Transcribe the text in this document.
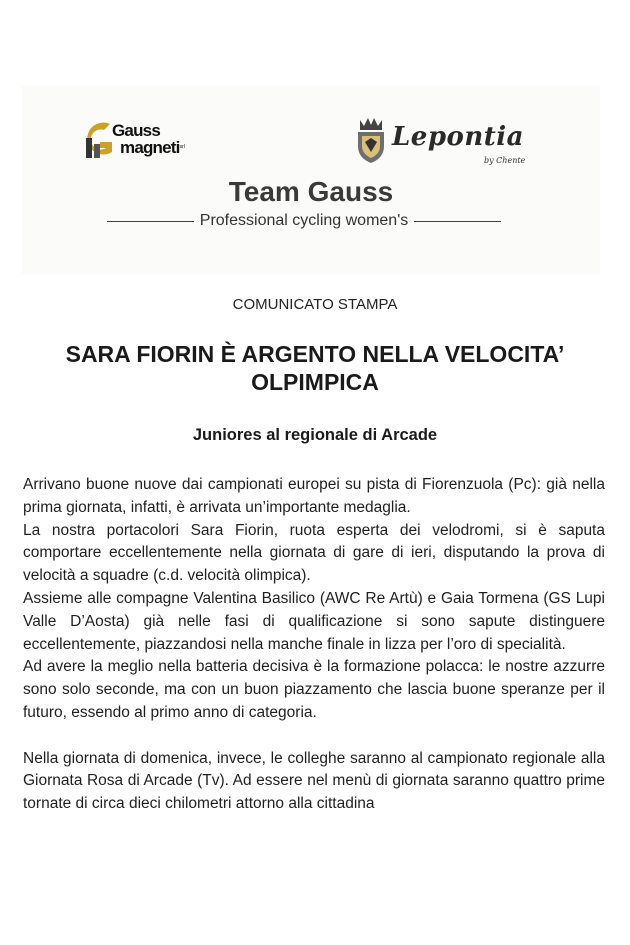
Gauss
magnetisrl	Lepontia
by Chente
Team Gauss
Professional cycling women's
COMUNICATO STAMPA
SARA FIORIN È ARGENTO NELLA VELOCITA’
OLPIMPICA
Juniores al regionale di Arcade

Arrivano buone nuove dai campionati europei su pista di Fiorenzuola (Pc): già nella prima giornata, infatti, è arrivata un’importante medaglia.

La nostra portacolori Sara Fiorin, ruota esperta dei velodromi, si è saputa comportare eccellentemente nella giornata di gare di ieri, disputando la prova di velocità a squadre (c.d. velocità olimpica).

Assieme alle compagne Valentina Basilico (AWC Re Artù) e Gaia Tormena (GS Lupi Valle D’Aosta) già nelle fasi di qualificazione si sono sapute distinguere eccellentemente, piazzandosi nella manche finale in lizza per l’oro di specialità.

Ad avere la meglio nella batteria decisiva è la formazione polacca: le nostre azzurre sono solo seconde, ma con un buon piazzamento che lascia buone speranze per il futuro, essendo al primo anno di categoria.

Nella giornata di domenica, invece, le colleghe saranno al campionato regionale alla Giornata Rosa di Arcade (Tv). Ad essere nel menù di giornata saranno quattro prime tornate di circa dieci chilometri attorno alla cittadina
